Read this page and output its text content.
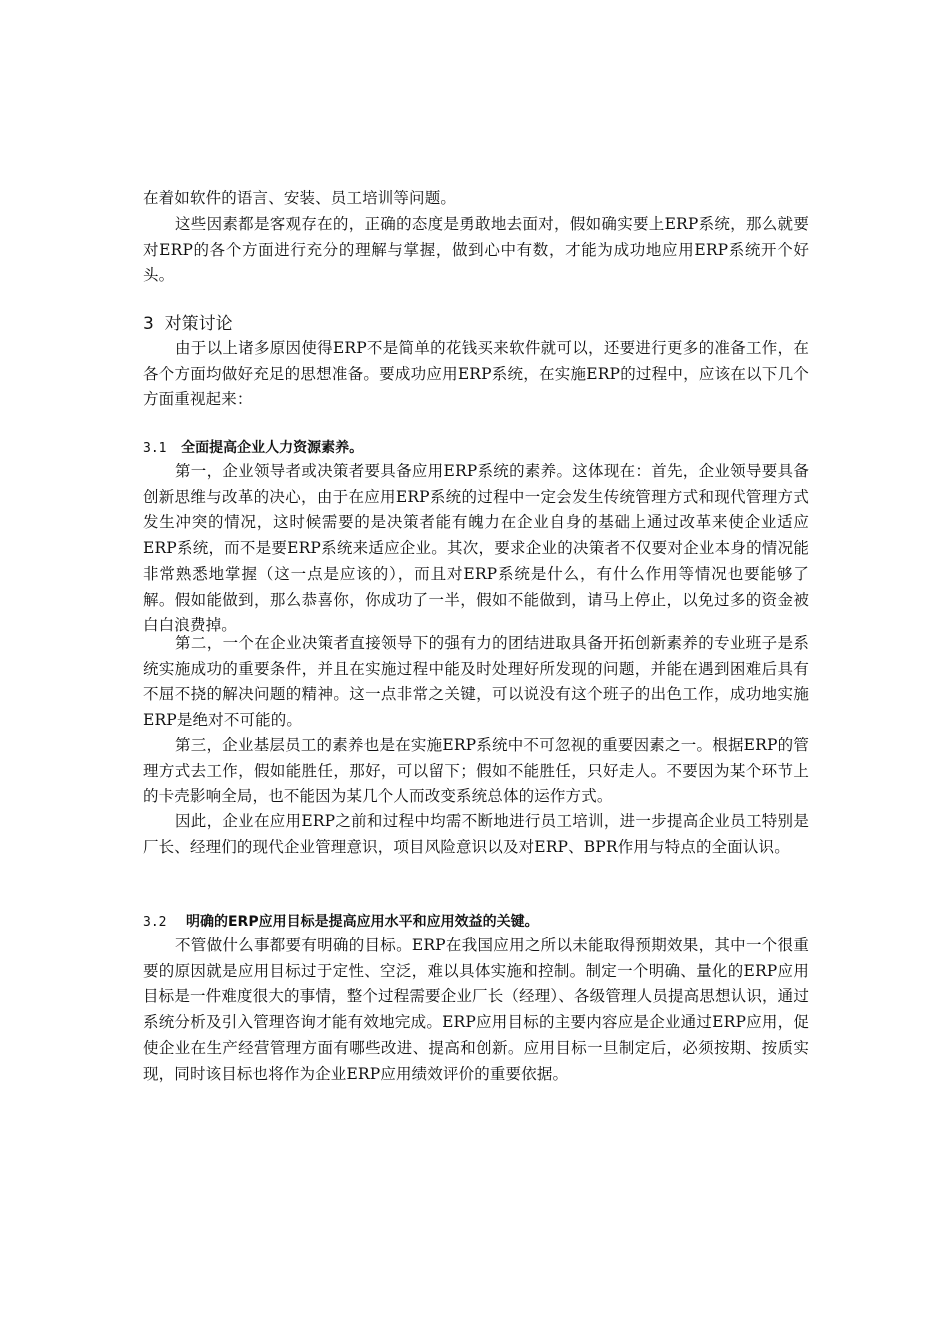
在着如软件的语言、安装、员工培训等问题。

这些因素都是客观存在的，正确的态度是勇敢地去面对，假如确实要上ERP系统，那么就要对ERP的各个方面进行充分的理解与掌握，做到心中有数，才能为成功地应用ERP系统开个好头。

3 对策讨论

由于以上诸多原因使得ERP不是简单的花钱买来软件就可以，还要进行更多的准备工作，在各个方面均做好充足的思想准备。要成功应用ERP系统，在实施ERP的过程中，应该在以下几个方面重视起来：

3.1 全面提高企业人力资源素养。

第一，企业领导者或决策者要具备应用ERP系统的素养。这体现在：首先，企业领导要具备创新思维与改革的决心，由于在应用ERP系统的过程中一定会发生传统管理方式和现代管理方式发生冲突的情况，这时候需要的是决策者能有魄力在企业自身的基础上通过改革来使企业适应ERP系统，而不是要ERP系统来适应企业。其次，要求企业的决策者不仅要对企业本身的情况能非常熟悉地掌握（这一点是应该的），而且对ERP系统是什么，有什么作用等情况也要能够了解。假如能做到，那么恭喜你，你成功了一半，假如不能做到，请马上停止，以免过多的资金被白白浪费掉。

第二，一个在企业决策者直接领导下的强有力的团结进取具备开拓创新素养的专业班子是系统实施成功的重要条件，并且在实施过程中能及时处理好所发现的问题，并能在遇到困难后具有不屈不挠的解决问题的精神。这一点非常之关键，可以说没有这个班子的出色工作，成功地实施ERP是绝对不可能的。

第三，企业基层员工的素养也是在实施ERP系统中不可忽视的重要因素之一。根据ERP的管理方式去工作，假如能胜任，那好，可以留下；假如不能胜任，只好走人。不要因为某个环节上的卡壳影响全局，也不能因为某几个人而改变系统总体的运作方式。

因此，企业在应用ERP之前和过程中均需不断地进行员工培训，进一步提高企业员工特别是厂长、经理们的现代企业管理意识，项目风险意识以及对ERP、BPR作用与特点的全面认识。

3.2 明确的ERP应用目标是提高应用水平和应用效益的关键。

不管做什么事都要有明确的目标。ERP在我国应用之所以未能取得预期效果，其中一个很重要的原因就是应用目标过于定性、空泛，难以具体实施和控制。制定一个明确、量化的ERP应用目标是一件难度很大的事情，整个过程需要企业厂长（经理）、各级管理人员提高思想认识，通过系统分析及引入管理咨询才能有效地完成。ERP应用目标的主要内容应是企业通过ERP应用，促使企业在生产经营管理方面有哪些改进、提高和创新。应用目标一旦制定后，必须按期、按质实现，同时该目标也将作为企业ERP应用绩效评价的重要依据。
